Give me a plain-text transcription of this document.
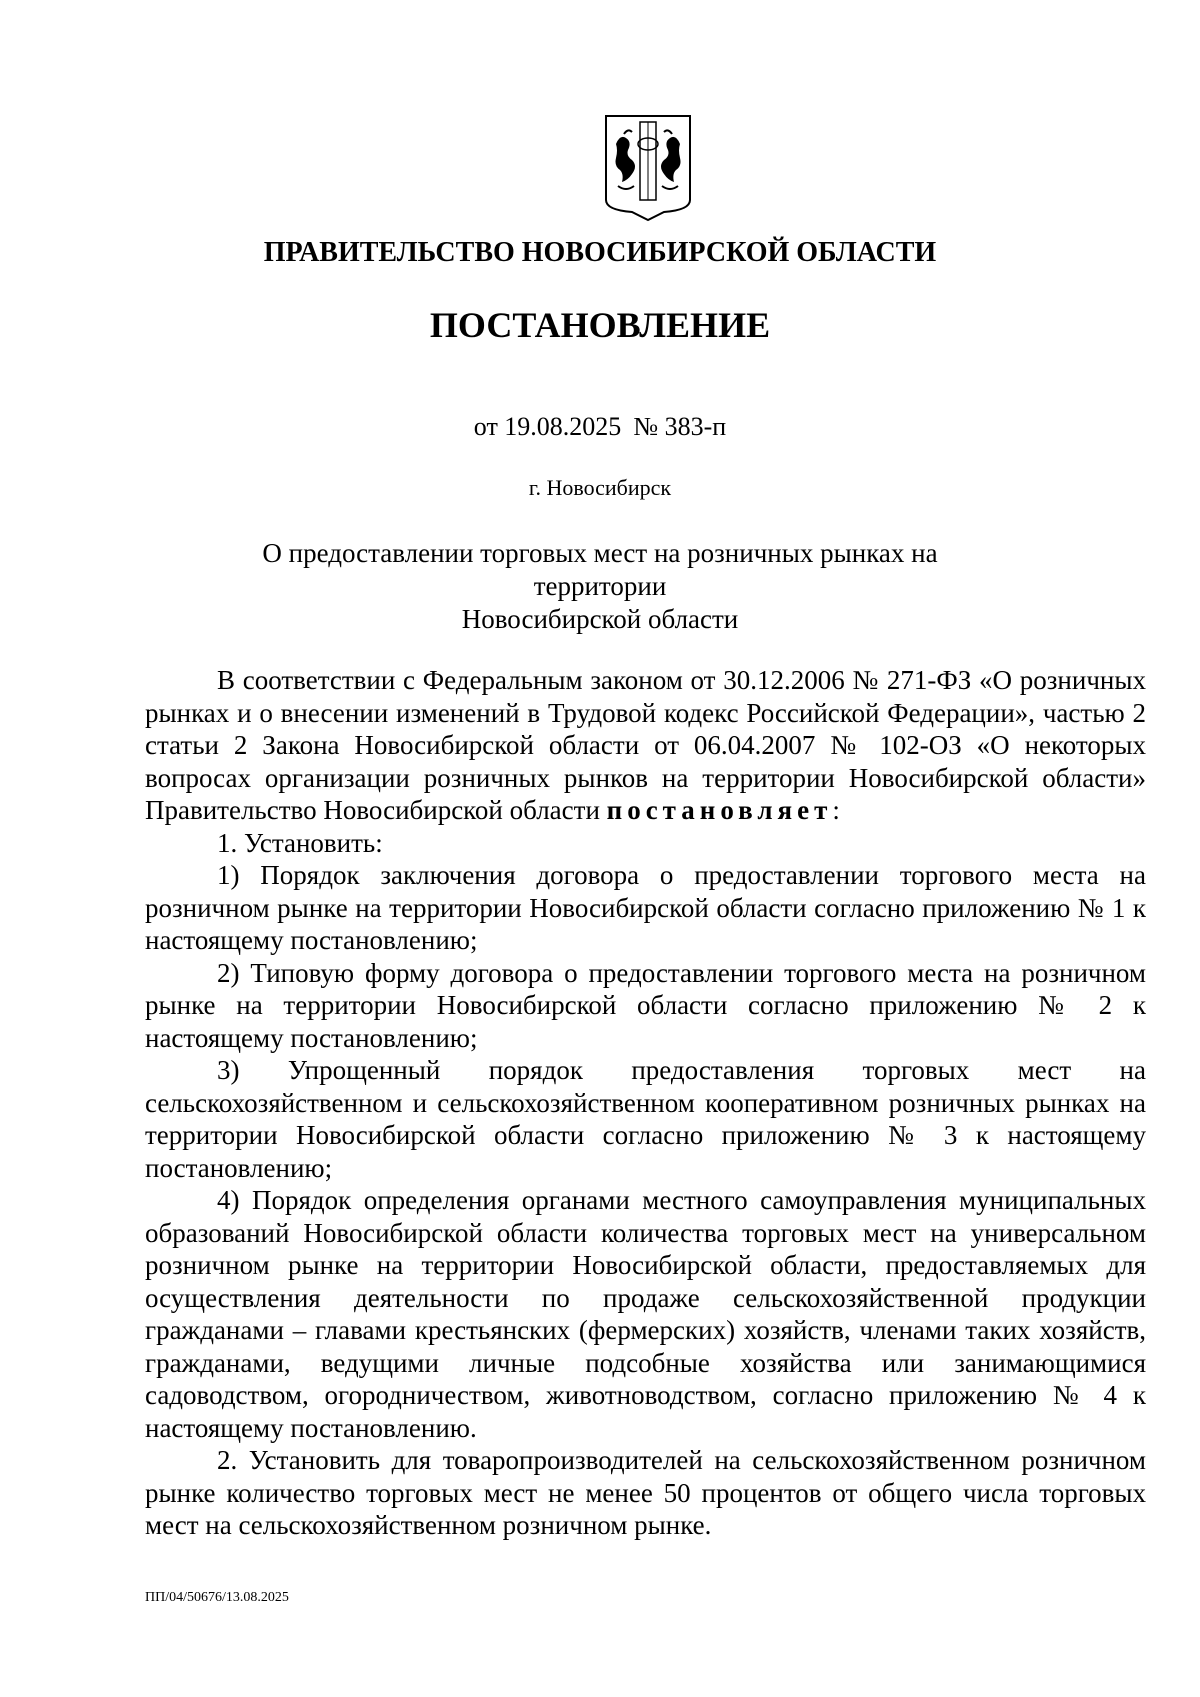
ПРАВИТЕЛЬСТВО НОВОСИБИРСКОЙ ОБЛАСТИ
ПОСТАНОВЛЕНИЕ
от 19.08.2025 № 383-п
г. Новосибирск
О предоставлении торговых мест на розничных рынках на территории
Новосибирской области

В соответствии с Федеральным законом от 30.12.2006 № 271-ФЗ «О розничных рынках и о внесении изменений в Трудовой кодекс Российской Федерации», частью 2 статьи 2 Закона Новосибирской области от 06.04.2007 № 102-ОЗ «О некоторых вопросах организации розничных рынков на территории Новосибирской области» Правительство Новосибирской области постановляет:

1. Установить:

1) Порядок заключения договора о предоставлении торгового места на розничном рынке на территории Новосибирской области согласно приложению № 1 к настоящему постановлению;

2) Типовую форму договора о предоставлении торгового места на розничном рынке на территории Новосибирской области согласно приложению № 2 к настоящему постановлению;

3) Упрощенный порядок предоставления торговых мест на сельскохозяйственном и сельскохозяйственном кооперативном розничных рынках на территории Новосибирской области согласно приложению № 3 к настоящему постановлению;

4) Порядок определения органами местного самоуправления муниципальных образований Новосибирской области количества торговых мест на универсальном розничном рынке на территории Новосибирской области, предоставляемых для осуществления деятельности по продаже сельскохозяйственной продукции гражданами – главами крестьянских (фермерских) хозяйств, членами таких хозяйств, гражданами, ведущими личные подсобные хозяйства или занимающимися садоводством, огородничеством, животноводством, согласно приложению № 4 к настоящему постановлению.

2. Установить для товаропроизводителей на сельскохозяйственном розничном рынке количество торговых мест не менее 50 процентов от общего числа торговых мест на сельскохозяйственном розничном рынке.

ПП/04/50676/13.08.2025
